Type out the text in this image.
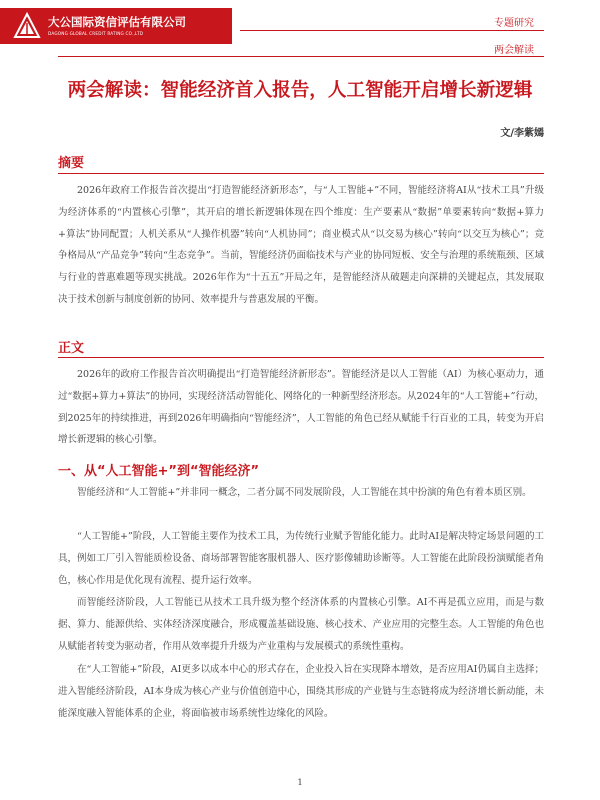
大公国际资信评估有限公司
DAGONG GLOBAL CREDIT RATING CO.,LTD
专题研究
两会解读
两会解读：智能经济首入报告，人工智能开启增长新逻辑
文/李紫嫣
摘要
2026年政府工作报告首次提出“打造智能经济新形态”，与“人工智能+”不同，智能经济将AI从“技术工具”升级为经济体系的“内置核心引擎”，其开启的增长新逻辑体现在四个维度：生产要素从“数据”单要素转向“数据+算力+算法”协同配置；人机关系从“人操作机器”转向“人机协同”；商业模式从“以交易为核心”转向“以交互为核心”；竞争格局从“产品竞争”转向“生态竞争”。当前，智能经济仍面临技术与产业的协同短板、安全与治理的系统瓶颈、区域与行业的普惠难题等现实挑战。2026年作为“十五五”开局之年，是智能经济从破题走向深耕的关键起点，其发展取决于技术创新与制度创新的协同、效率提升与普惠发展的平衡。
正文
2026年的政府工作报告首次明确提出“打造智能经济新形态”。智能经济是以人工智能（AI）为核心驱动力，通过“数据+算力+算法”的协同，实现经济活动智能化、网络化的一种新型经济形态。从2024年的“人工智能+”行动，到2025年的持续推进，再到2026年明确指向“智能经济”，人工智能的角色已经从赋能千行百业的工具，转变为开启增长新逻辑的核心引擎。
一、从“人工智能+”到“智能经济”
智能经济和“人工智能+”并非同一概念，二者分属不同发展阶段，人工智能在其中扮演的角色有着本质区别。
“人工智能+”阶段，人工智能主要作为技术工具，为传统行业赋予智能化能力。此时AI是解决特定场景问题的工具，例如工厂引入智能质检设备、商场部署智能客服机器人、医疗影像辅助诊断等。人工智能在此阶段扮演赋能者角色，核心作用是优化现有流程、提升运行效率。
而智能经济阶段，人工智能已从技术工具升级为整个经济体系的内置核心引擎。AI不再是孤立应用，而是与数据、算力、能源供给、实体经济深度融合，形成覆盖基础设施、核心技术、产业应用的完整生态。人工智能的角色也从赋能者转变为驱动者，作用从效率提升升级为产业重构与发展模式的系统性重构。
在“人工智能+”阶段，AI更多以成本中心的形式存在，企业投入旨在实现降本增效，是否应用AI仍属自主选择；进入智能经济阶段，AI本身成为核心产业与价值创造中心，围绕其形成的产业链与生态链将成为经济增长新动能，未能深度融入智能体系的企业，将面临被市场系统性边缘化的风险。
1
